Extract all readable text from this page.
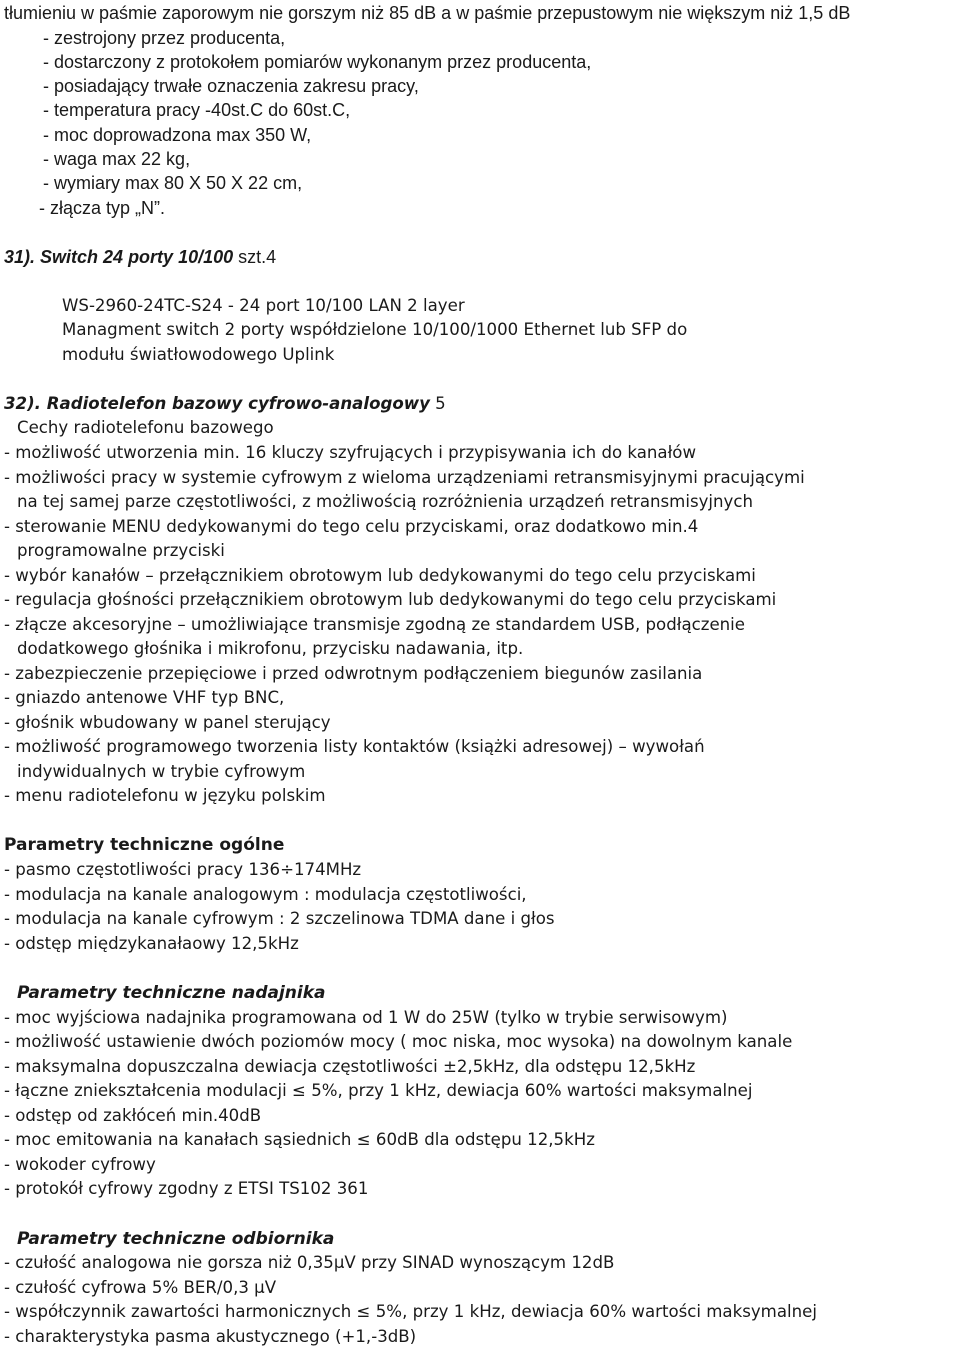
tłumieniu w paśmie zaporowym nie gorszym niż 85 dB a w paśmie przepustowym nie większym niż 1,5 dB
- zestrojony przez producenta,
- dostarczony z protokołem pomiarów wykonanym przez producenta,
- posiadający trwałe oznaczenia zakresu pracy,
- temperatura pracy -40st.C do 60st.C,
- moc doprowadzona max 350 W,
- waga max 22 kg,
- wymiary max 80 X 50 X 22 cm,
- złącza typ „N”.
31). Switch 24 porty 10/100 szt.4
WS-2960-24TC-S24 - 24 port 10/100 LAN 2 layer
Managment switch 2 porty współdzielone 10/100/1000 Ethernet lub SFP do
modułu światłowodowego Uplink
32). Radiotelefon bazowy cyfrowo-analogowy 5
Cechy radiotelefonu bazowego
- możliwość utworzenia min. 16 kluczy szyfrujących i przypisywania ich do kanałów
- możliwości pracy w systemie cyfrowym z wieloma urządzeniami retransmisyjnymi pracującymi
na tej samej parze częstotliwości, z możliwością rozróżnienia urządzeń retransmisyjnych
- sterowanie MENU dedykowanymi do tego celu przyciskami, oraz dodatkowo min.4
programowalne przyciski
- wybór kanałów – przełącznikiem obrotowym lub dedykowanymi do tego celu przyciskami
- regulacja głośności przełącznikiem obrotowym lub dedykowanymi do tego celu przyciskami
- złącze akcesoryjne – umożliwiające transmisje zgodną ze standardem USB, podłączenie
dodatkowego głośnika i mikrofonu, przycisku nadawania, itp.
- zabezpieczenie przepięciowe i przed odwrotnym podłączeniem biegunów zasilania
- gniazdo antenowe VHF typ BNC,
- głośnik wbudowany w panel sterujący
- możliwość programowego tworzenia listy kontaktów (książki adresowej) – wywołań
indywidualnych w trybie cyfrowym
- menu radiotelefonu w języku polskim
Parametry techniczne ogólne
- pasmo częstotliwości pracy 136÷174MHz
- modulacja na kanale analogowym : modulacja częstotliwości,
- modulacja na kanale cyfrowym : 2 szczelinowa TDMA dane i głos
- odstęp międzykanałaowy 12,5kHz
Parametry techniczne nadajnika
- moc wyjściowa nadajnika programowana od 1 W do 25W (tylko w trybie serwisowym)
- możliwość ustawienie dwóch poziomów mocy ( moc niska, moc wysoka) na dowolnym kanale
- maksymalna dopuszczalna dewiacja częstotliwości ±2,5kHz, dla odstępu 12,5kHz
- łączne zniekształcenia modulacji ≤ 5%, przy 1 kHz, dewiacja 60% wartości maksymalnej
- odstęp od zakłóceń min.40dB
- moc emitowania na kanałach sąsiednich ≤ 60dB dla odstępu 12,5kHz
- wokoder cyfrowy
- protokół cyfrowy zgodny z ETSI TS102 361
Parametry techniczne odbiornika
- czułość analogowa nie gorsza niż 0,35μV przy SINAD wynoszącym 12dB
- czułość cyfrowa 5% BER/0,3 μV
- współczynnik zawartości harmonicznych ≤ 5%, przy 1 kHz, dewiacja 60% wartości maksymalnej
- charakterystyka pasma akustycznego (+1,-3dB)
